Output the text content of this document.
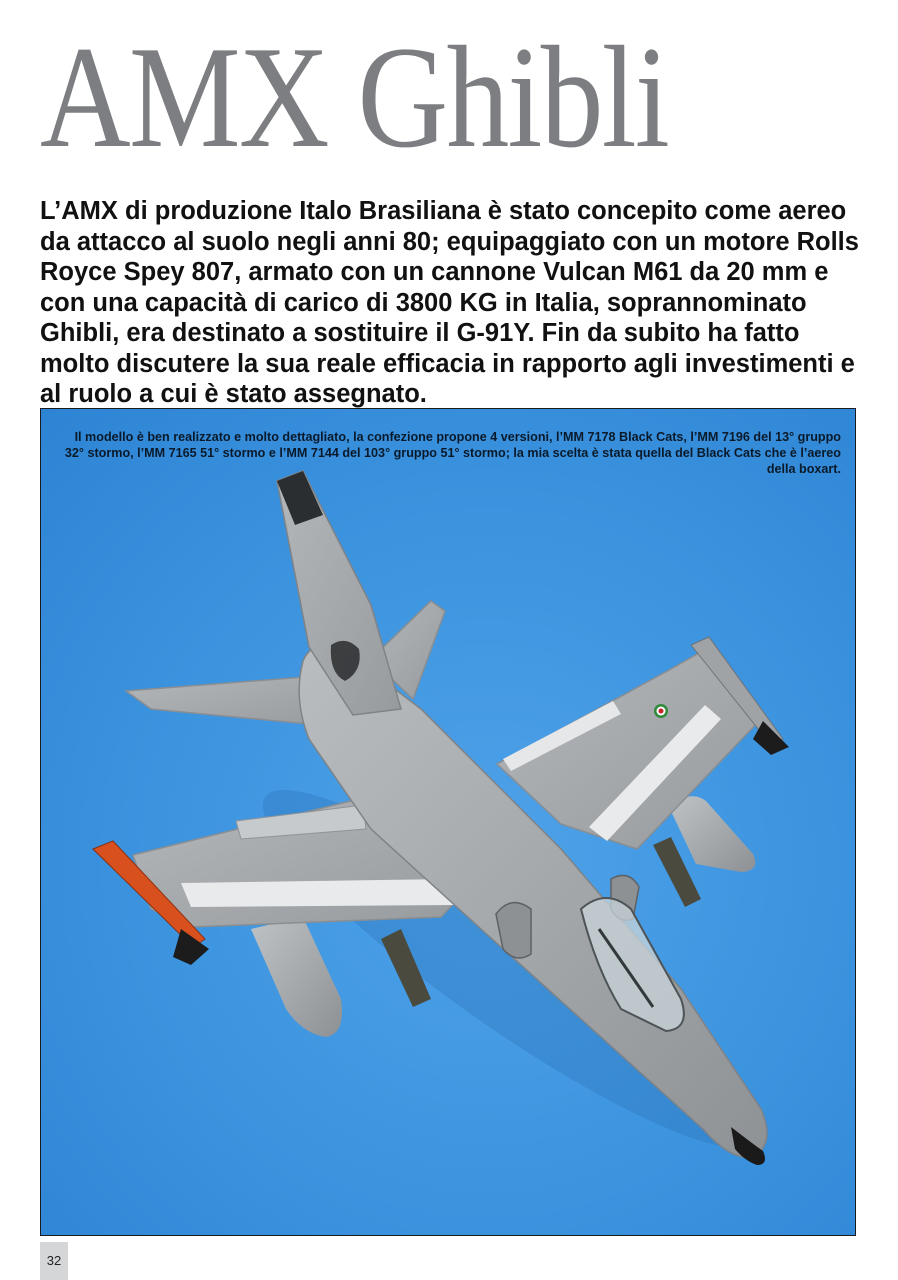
AMX Ghibli

L’AMX di produzione Italo Brasiliana è stato concepito come aereo da attacco al suolo negli anni 80; equipaggiato con un motore Rolls Royce Spey 807, armato con un cannone Vulcan M61 da 20 mm e con una capacità di carico di 3800 KG in Italia, soprannominato Ghibli, era destinato a sostituire il G-91Y. Fin da subito ha fatto molto discutere la sua reale efficacia in rapporto agli investimenti e al ruolo a cui è stato assegnato.

Il modello è ben realizzato e molto dettagliato, la confezione propone 4 versioni, l’MM 7178 Black Cats, l’MM 7196 del 13° gruppo 32° stormo, l’MM 7165 51° stormo e l’MM 7144 del 103° gruppo 51° stormo; la mia scelta è stata quella del Black Cats che è l’aereo della boxart.

32
